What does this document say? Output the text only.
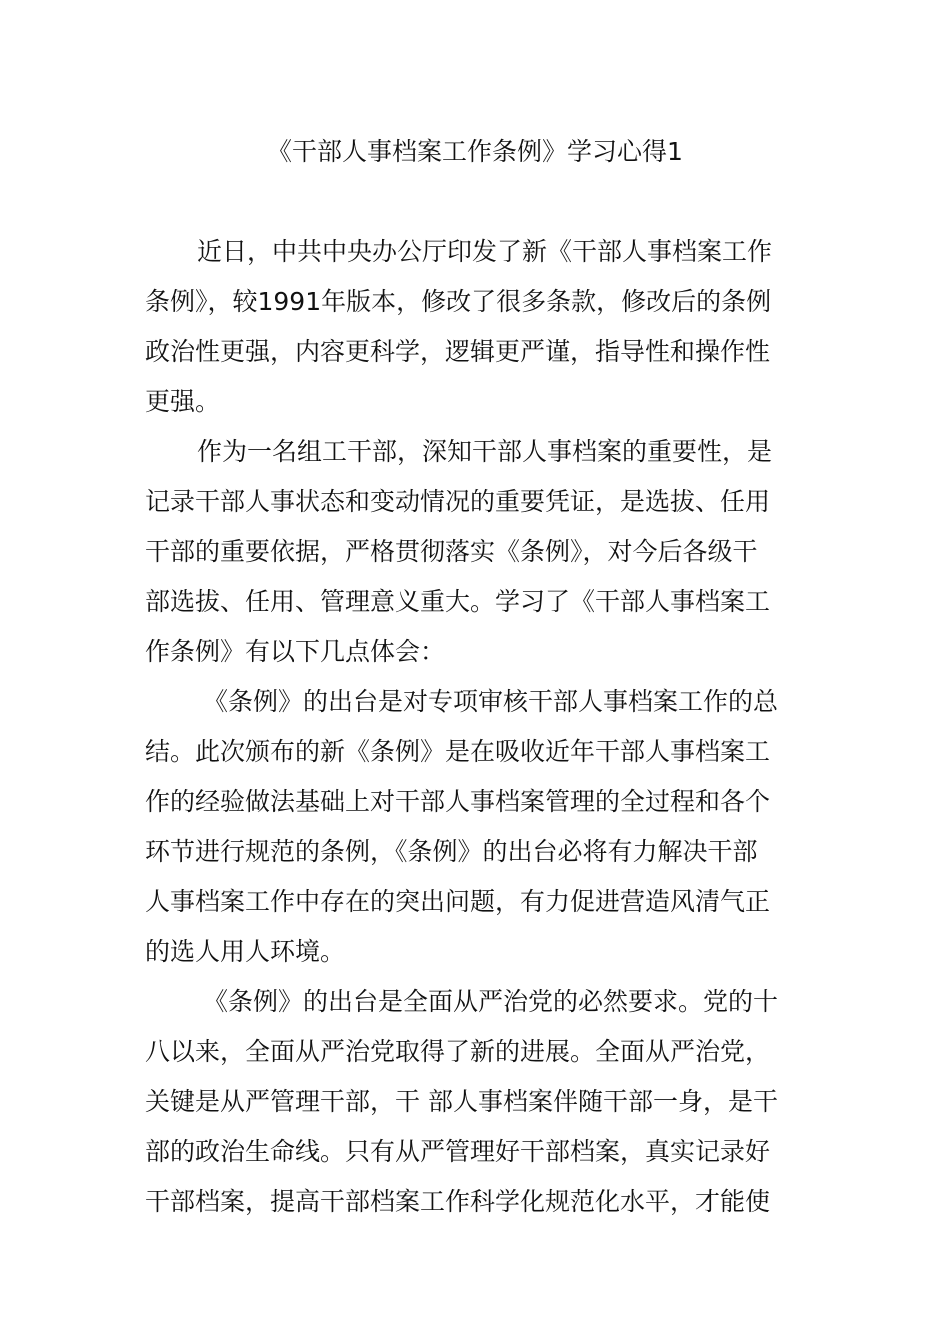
《干部人事档案工作条例》学习心得1
近日，中共中央办公厅印发了新《干部人事档案工作
条例》，较1991年版本，修改了很多条款，修改后的条例
政治性更强，内容更科学，逻辑更严谨，指导性和操作性
更强。
作为一名组工干部，深知干部人事档案的重要性，是
记录干部人事状态和变动情况的重要凭证，是选拔、任用
干部的重要依据，严格贯彻落实《条例》，对今后各级干
部选拔、任用、管理意义重大。学习了《干部人事档案工
作条例》有以下几点体会：
《条例》的出台是对专项审核干部人事档案工作的总
结。此次颁布的新《条例》是在吸收近年干部人事档案工
作的经验做法基础上对干部人事档案管理的全过程和各个
环节进行规范的条例，《条例》的出台必将有力解决干部
人事档案工作中存在的突出问题，有力促进营造风清气正
的选人用人环境。
《条例》的出台是全面从严治党的必然要求。党的十
八以来，全面从严治党取得了新的进展。全面从严治党，
关键是从严管理干部，干 部人事档案伴随干部一身，是干
部的政治生命线。只有从严管理好干部档案，真实记录好
干部档案，提高干部档案工作科学化规范化水平，才能使
